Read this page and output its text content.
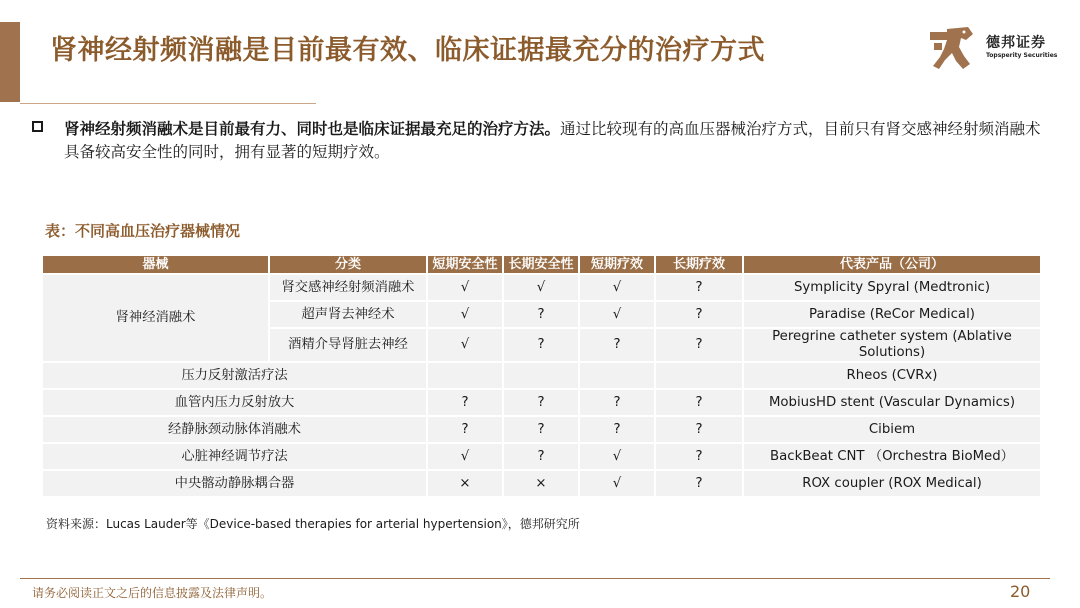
肾神经射频消融是目前最有效、临床证据最充分的治疗方式	德邦证券
Topsperity Securities

肾神经射频消融术是目前最有力、同时也是临床证据最充足的治疗方法。通过比较现有的高血压器械治疗方式，目前只有肾交感神经射频消融术具备较高安全性的同时，拥有显著的短期疗效。

表：不同高血压治疗器械情况

器械	分类	短期安全性	长期安全性	短期疗效	长期疗效	代表产品（公司）
肾神经消融术	肾交感神经射频消融术	√	√	√	?	Symplicity Spyral (Medtronic)
	超声肾去神经术	√	?	√	?	Paradise (ReCor Medical)
	酒精介导肾脏去神经	√	?	?	?	Peregrine catheter system (Ablative Solutions)
压力反射激活疗法						Rheos (CVRx)
血管内压力反射放大		?	?	?	?	MobiusHD stent (Vascular Dynamics)
经静脉颈动脉体消融术		?	?	?	?	Cibiem
心脏神经调节疗法		√	?	√	?	BackBeat CNT （Orchestra BioMed）
中央髂动静脉耦合器		×	×	√	?	ROX coupler (ROX Medical)

资料来源：Lucas Lauder等《Device-based therapies for arterial hypertension》，德邦研究所

请务必阅读正文之后的信息披露及法律声明。	20
